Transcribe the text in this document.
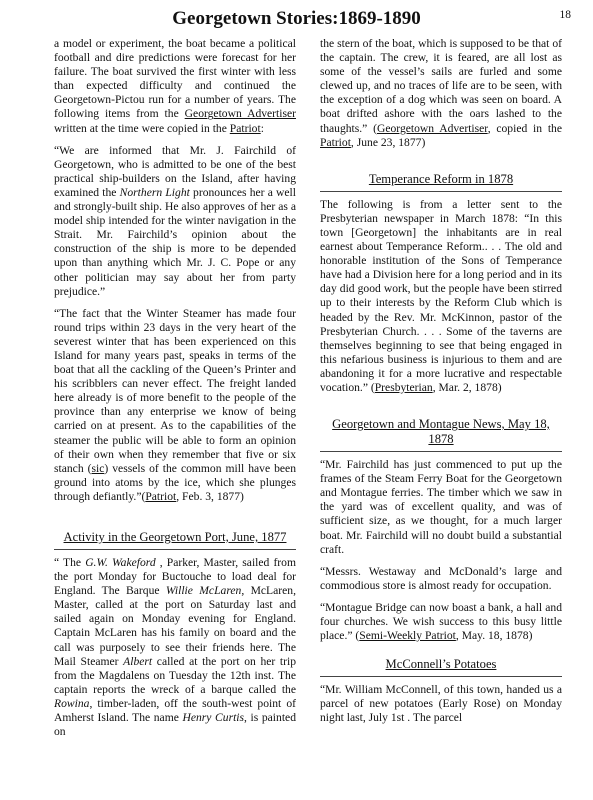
Georgetown Stories:1869-1890	18

a model or experiment, the boat became a political football and dire predictions were forecast for her failure. The boat survived the first winter with less than expected difficulty and continued the Georgetown-Pictou run for a number of years. The following items from the Georgetown Advertiser written at the time were copied in the Patriot:

“We are informed that Mr. J. Fairchild of Georgetown, who is admitted to be one of the best practical ship-builders on the Island, after having examined the Northern Light pronounces her a well and strongly-built ship. He also approves of her as a model ship intended for the winter navigation in the Strait. Mr. Fairchild’s opinion about the construction of the ship is more to be depended upon than anything which Mr. J. C. Pope or any other politician may say about her from party prejudice.”

“The fact that the Winter Steamer has made four round trips within 23 days in the very heart of the severest winter that has been experienced on this Island for many years past, speaks in terms of the boat that all the cackling of the Queen’s Printer and his scribblers can never effect. The freight landed here already is of more benefit to the people of the province than any enterprise we know of being carried on at present. As to the capabilities of the steamer the public will be able to form an opinion of their own when they remember that five or six stanch (sic) vessels of the common mill have been ground into atoms by the ice, which she plunges through defiantly.”(Patriot, Feb. 3, 1877)

Activity in the Georgetown Port, June, 1877

“ The G.W. Wakeford , Parker, Master, sailed from the port Monday for Buctouche to load deal for England. The Barque Willie McLaren, McLaren, Master, called at the port on Saturday last and sailed again on Monday evening for England. Captain McLaren has his family on board and the call was purposely to see their friends here. The Mail Steamer Albert called at the port on her trip from the Magdalens on Tuesday the 12th inst. The captain reports the wreck of a barque called the Rowina, timber-laden, off the south-west point of Amherst Island. The name Henry Curtis, is painted on

the stern of the boat, which is supposed to be that of the captain. The crew, it is feared, are all lost as some of the vessel’s sails are furled and some clewed up, and no traces of life are to be seen, with the exception of a dog which was seen on board. A boat drifted ashore with the oars lashed to the thaughts.” (Georgetown Advertiser, copied in the Patriot, June 23, 1877)

Temperance Reform in 1878

The following is from a letter sent to the Presbyterian newspaper in March 1878: “In this town [Georgetown] the inhabitants are in real earnest about Temperance Reform.. . . The old and honorable institution of the Sons of Temperance have had a Division here for a long period and in its day did good work, but the people have been stirred up to their interests by the Reform Club which is headed by the Rev. Mr. McKinnon, pastor of the Presbyterian Church. . . . Some of the taverns are themselves beginning to see that being engaged in this nefarious business is injurious to them and are abandoning it for a more lucrative and respectable vocation.” (Presbyterian, Mar. 2, 1878)

Georgetown and Montague News, May 18, 1878

“Mr. Fairchild has just commenced to put up the frames of the Steam Ferry Boat for the Georgetown and Montague ferries. The timber which we saw in the yard was of excellent quality, and was of sufficient size, as we thought, for a much larger boat. Mr. Fairchild will no doubt build a substantial craft.

“Messrs. Westaway and McDonald’s large and commodious store is almost ready for occupation.

“Montague Bridge can now boast a bank, a hall and four churches. We wish success to this busy little place.” (Semi-Weekly Patriot, May. 18, 1878)

McConnell’s Potatoes

“Mr. William McConnell, of this town, handed us a parcel of new potatoes (Early Rose) on Monday night last, July 1st . The parcel
